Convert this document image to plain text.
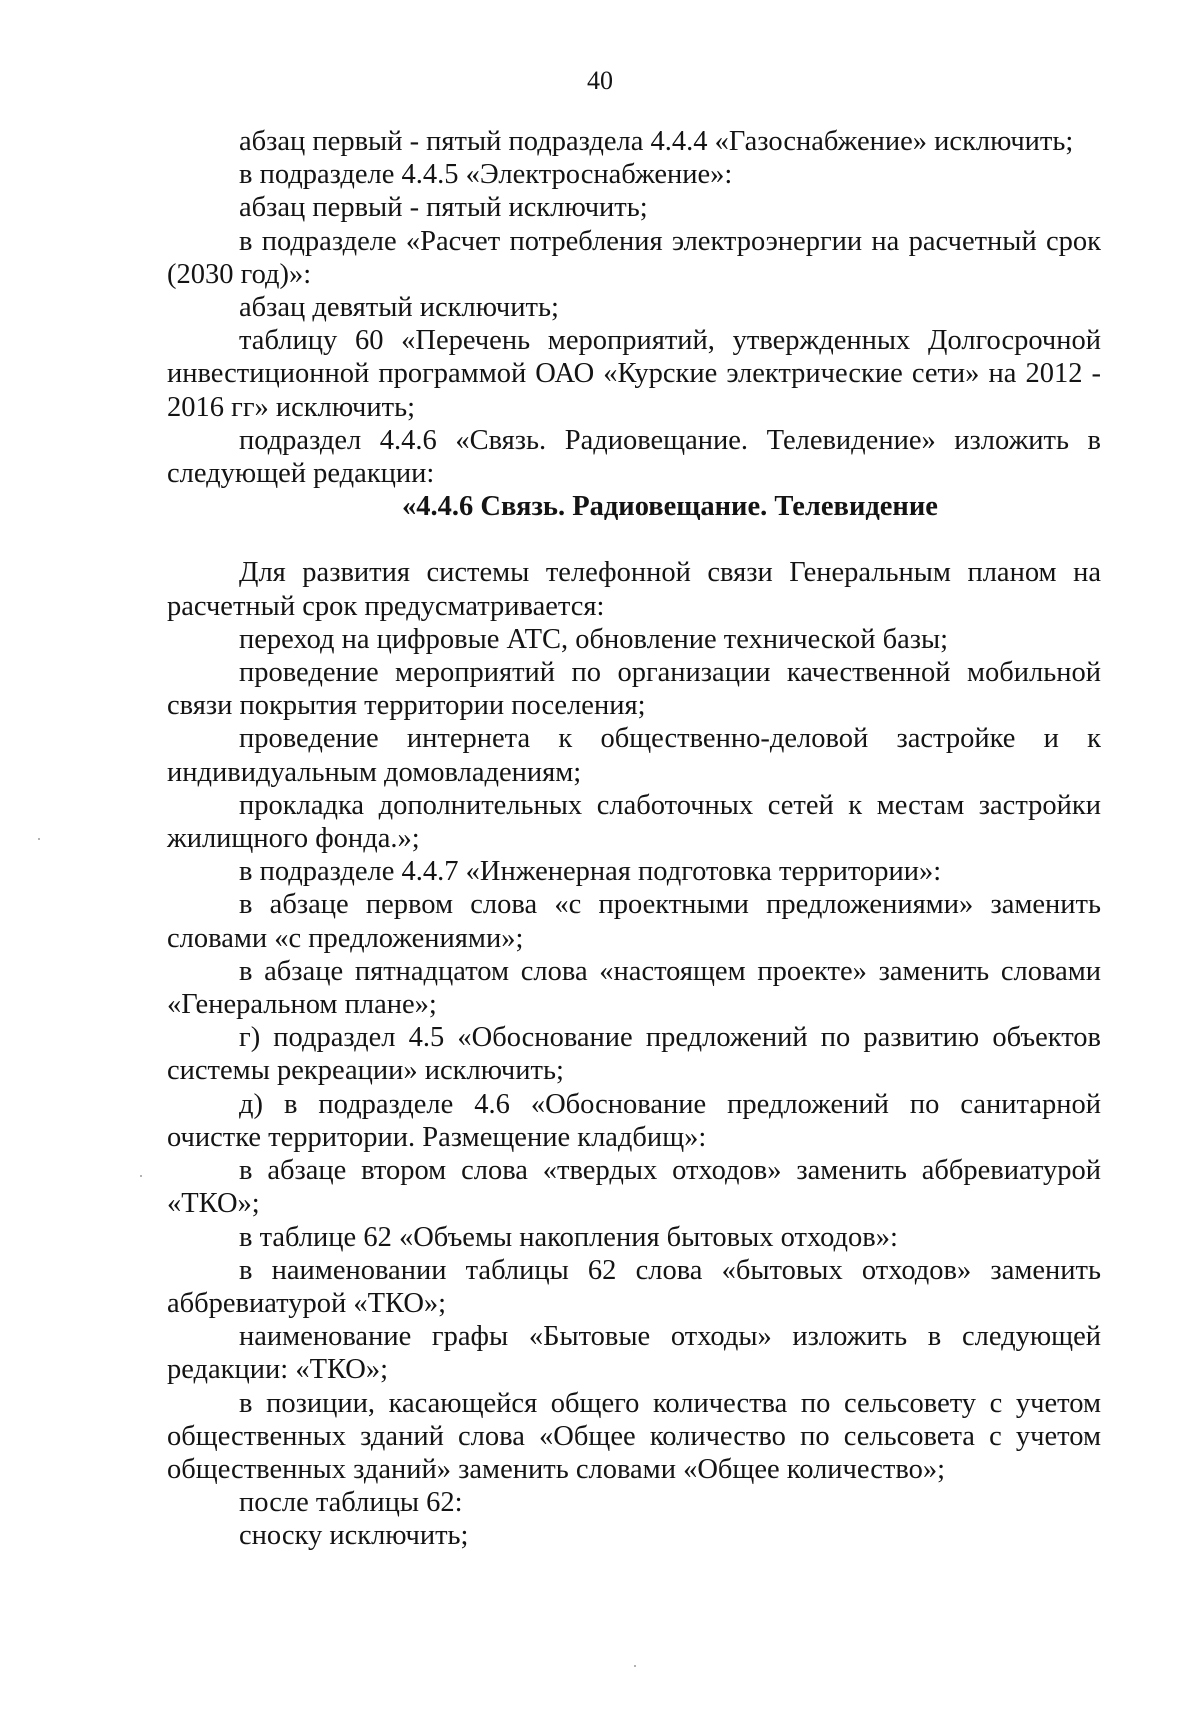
40

абзац первый - пятый подраздела 4.4.4 «Газоснабжение» исключить;

в подразделе 4.4.5 «Электроснабжение»:

абзац первый - пятый исключить;

в подразделе «Расчет потребления электроэнергии на расчетный срок (2030 год)»:

абзац девятый исключить;

таблицу 60 «Перечень мероприятий, утвержденных Долгосрочной инвестиционной программой ОАО «Курские электрические сети» на 2012 - 2016 гг» исключить;

подраздел 4.4.6 «Связь. Радиовещание. Телевидение» изложить в следующей редакции:

«4.4.6 Связь. Радиовещание. Телевидение

Для развития системы телефонной связи Генеральным планом на расчетный срок предусматривается:

переход на цифровые АТС, обновление технической базы;

проведение мероприятий по организации качественной мобильной связи покрытия территории поселения;

проведение интернета к общественно-деловой застройке и к индивидуальным домовладениям;

прокладка дополнительных слаботочных сетей к местам застройки жилищного фонда.»;

в подразделе 4.4.7 «Инженерная подготовка территории»:

в абзаце первом слова «с проектными предложениями» заменить словами «с предложениями»;

в абзаце пятнадцатом слова «настоящем проекте» заменить словами «Генеральном плане»;

г) подраздел 4.5 «Обоснование предложений по развитию объектов системы рекреации» исключить;

д) в подразделе 4.6 «Обоснование предложений по санитарной очистке территории. Размещение кладбищ»:

в абзаце втором слова «твердых отходов» заменить аббревиатурой «ТКО»;

в таблице 62 «Объемы накопления бытовых отходов»:

в наименовании таблицы 62 слова «бытовых отходов» заменить аббревиатурой «ТКО»;

наименование графы «Бытовые отходы» изложить в следующей редакции: «ТКО»;

в позиции, касающейся общего количества по сельсовету с учетом общественных зданий слова «Общее количество по сельсовета с учетом общественных зданий» заменить словами «Общее количество»;

после таблицы 62:

сноску исключить;
